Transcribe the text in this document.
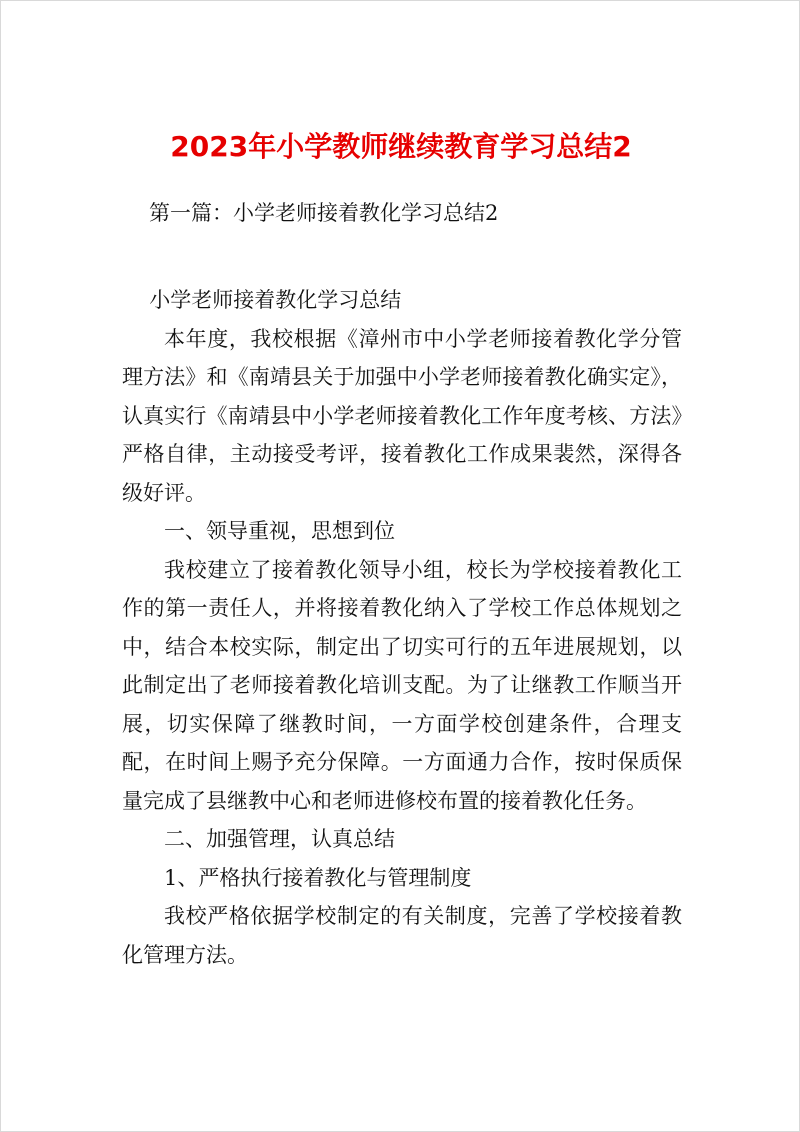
2023年小学教师继续教育学习总结2

第一篇：小学老师接着教化学习总结2

小学老师接着教化学习总结

本年度，我校根据《漳州市中小学老师接着教化学分管理方法》和《南靖县关于加强中小学老师接着教化确实定》，认真实行《南靖县中小学老师接着教化工作年度考核、方法》严格自律，主动接受考评，接着教化工作成果裴然，深得各级好评。

一、领导重视，思想到位

我校建立了接着教化领导小组，校长为学校接着教化工作的第一责任人，并将接着教化纳入了学校工作总体规划之中，结合本校实际，制定出了切实可行的五年进展规划，以此制定出了老师接着教化培训支配。为了让继教工作顺当开展，切实保障了继教时间，一方面学校创建条件，合理支配，在时间上赐予充分保障。一方面通力合作，按时保质保量完成了县继教中心和老师进修校布置的接着教化任务。

二、加强管理，认真总结

1、严格执行接着教化与管理制度

我校严格依据学校制定的有关制度，完善了学校接着教化管理方法。
